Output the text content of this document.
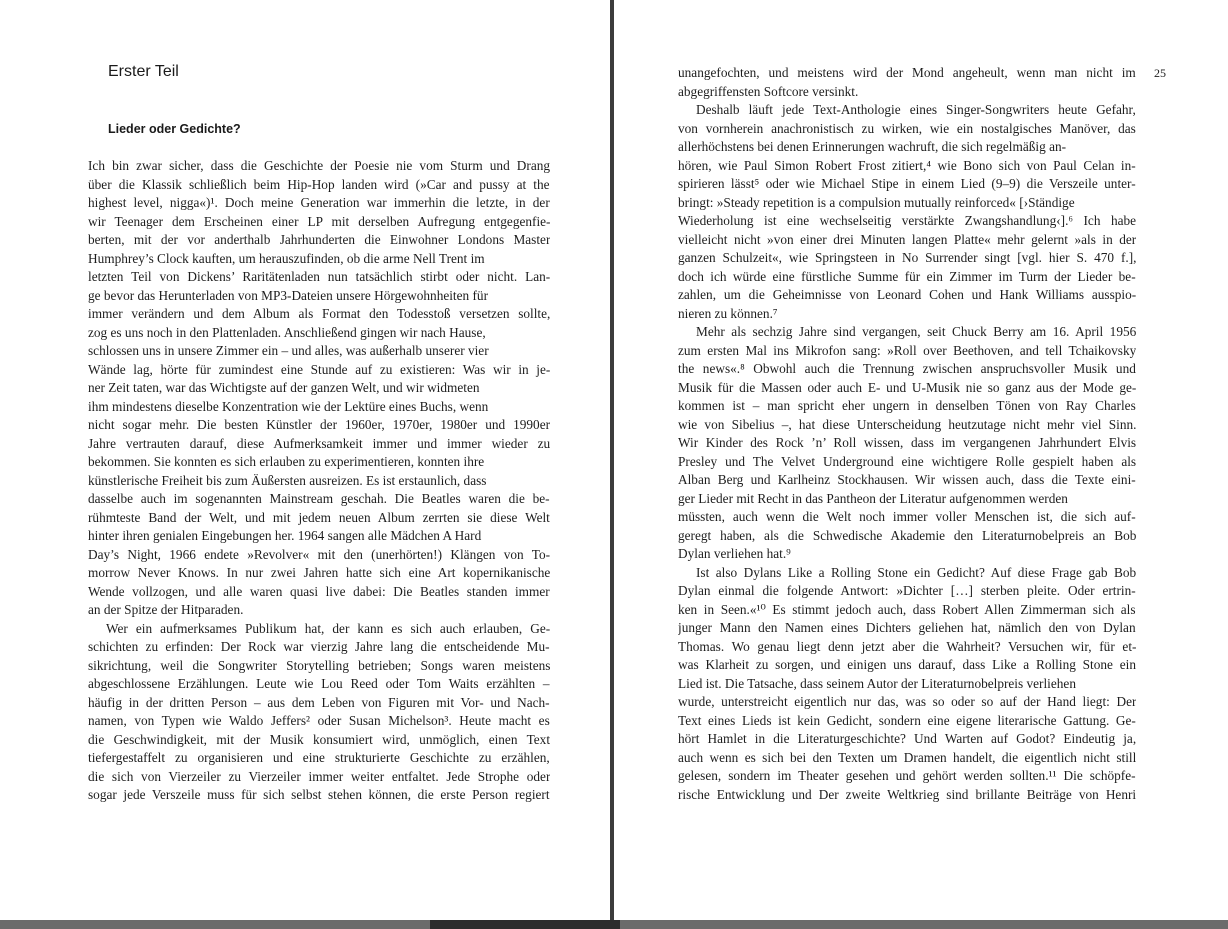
Erster Teil
Lieder oder Gedichte?
Ich bin zwar sicher, dass die Geschichte der Poesie nie vom Sturm und Drang
über die Klassik schließlich beim Hip-Hop landen wird (»Car and pussy at the
highest level, nigga«)¹. Doch meine Generation war immerhin die letzte, in der
wir Teenager dem Erscheinen einer LP mit derselben Aufregung entgegenfie-
berten, mit der vor anderthalb Jahrhunderten die Einwohner Londons Master
Humphrey’s Clock kauften, um herauszufinden, ob die arme Nell Trent im
letzten Teil von Dickens’ Raritätenladen nun tatsächlich stirbt oder nicht. Lan-
ge bevor das Herunterladen von MP3-Dateien unsere Hörgewohnheiten für
immer verändern und dem Album als Format den Todesstoß versetzen sollte,
zog es uns noch in den Plattenladen. Anschließend gingen wir nach Hause,
schlossen uns in unsere Zimmer ein – und alles, was außerhalb unserer vier
Wände lag, hörte für zumindest eine Stunde auf zu existieren: Was wir in je-
ner Zeit taten, war das Wichtigste auf der ganzen Welt, und wir widmeten
ihm mindestens dieselbe Konzentration wie der Lektüre eines Buchs, wenn
nicht sogar mehr. Die besten Künstler der 1960er, 1970er, 1980er und 1990er
Jahre vertrauten darauf, diese Aufmerksamkeit immer und immer wieder zu
bekommen. Sie konnten es sich erlauben zu experimentieren, konnten ihre
künstlerische Freiheit bis zum Äußersten ausreizen. Es ist erstaunlich, dass
dasselbe auch im sogenannten Mainstream geschah. Die Beatles waren die be-
rühmteste Band der Welt, und mit jedem neuen Album zerrten sie diese Welt
hinter ihren genialen Eingebungen her. 1964 sangen alle Mädchen A Hard
Day’s Night, 1966 endete »Revolver« mit den (unerhörten!) Klängen von To-
morrow Never Knows. In nur zwei Jahren hatte sich eine Art kopernikanische
Wende vollzogen, und alle waren quasi live dabei: Die Beatles standen immer
an der Spitze der Hitparaden.
Wer ein aufmerksames Publikum hat, der kann es sich auch erlauben, Ge-
schichten zu erfinden: Der Rock war vierzig Jahre lang die entscheidende Mu-
sikrichtung, weil die Songwriter Storytelling betrieben; Songs waren meistens
abgeschlossene Erzählungen. Leute wie Lou Reed oder Tom Waits erzählten –
häufig in der dritten Person – aus dem Leben von Figuren mit Vor- und Nach-
namen, von Typen wie Waldo Jeffers² oder Susan Michelson³. Heute macht es
die Geschwindigkeit, mit der Musik konsumiert wird, unmöglich, einen Text
tiefergestaffelt zu organisieren und eine strukturierte Geschichte zu erzählen,
die sich von Vierzeiler zu Vierzeiler immer weiter entfaltet. Jede Strophe oder
sogar jede Verszeile muss für sich selbst stehen können, die erste Person regiert
unangefochten, und meistens wird der Mond angeheult, wenn man nicht im
abgegriffensten Softcore versinkt.
Deshalb läuft jede Text-Anthologie eines Singer-Songwriters heute Gefahr,
von vornherein anachronistisch zu wirken, wie ein nostalgisches Manöver, das
allerhöchstens bei denen Erinnerungen wachruft, die sich regelmäßig an-
hören, wie Paul Simon Robert Frost zitiert,⁴ wie Bono sich von Paul Celan in-
spirieren lässt⁵ oder wie Michael Stipe in einem Lied (9–9) die Verszeile unter-
bringt: »Steady repetition is a compulsion mutually reinforced« [›Ständige
Wiederholung ist eine wechselseitig verstärkte Zwangshandlung‹].⁶ Ich habe
vielleicht nicht »von einer drei Minuten langen Platte« mehr gelernt »als in der
ganzen Schulzeit«, wie Springsteen in No Surrender singt [vgl. hier S. 470 f.],
doch ich würde eine fürstliche Summe für ein Zimmer im Turm der Lieder be-
zahlen, um die Geheimnisse von Leonard Cohen und Hank Williams ausspio-
nieren zu können.⁷
Mehr als sechzig Jahre sind vergangen, seit Chuck Berry am 16. April 1956
zum ersten Mal ins Mikrofon sang: »Roll over Beethoven, and tell Tchaikovsky
the news«.⁸ Obwohl auch die Trennung zwischen anspruchsvoller Musik und
Musik für die Massen oder auch E- und U-Musik nie so ganz aus der Mode ge-
kommen ist – man spricht eher ungern in denselben Tönen von Ray Charles
wie von Sibelius –, hat diese Unterscheidung heutzutage nicht mehr viel Sinn.
Wir Kinder des Rock ’n’ Roll wissen, dass im vergangenen Jahrhundert Elvis
Presley und The Velvet Underground eine wichtigere Rolle gespielt haben als
Alban Berg und Karlheinz Stockhausen. Wir wissen auch, dass die Texte eini-
ger Lieder mit Recht in das Pantheon der Literatur aufgenommen werden
müssten, auch wenn die Welt noch immer voller Menschen ist, die sich auf-
geregt haben, als die Schwedische Akademie den Literaturnobelpreis an Bob
Dylan verliehen hat.⁹
Ist also Dylans Like a Rolling Stone ein Gedicht? Auf diese Frage gab Bob
Dylan einmal die folgende Antwort: »Dichter […] sterben pleite. Oder ertrin-
ken in Seen.«¹⁰ Es stimmt jedoch auch, dass Robert Allen Zimmerman sich als
junger Mann den Namen eines Dichters geliehen hat, nämlich den von Dylan
Thomas. Wo genau liegt denn jetzt aber die Wahrheit? Versuchen wir, für et-
was Klarheit zu sorgen, und einigen uns darauf, dass Like a Rolling Stone ein
Lied ist. Die Tatsache, dass seinem Autor der Literaturnobelpreis verliehen
wurde, unterstreicht eigentlich nur das, was so oder so auf der Hand liegt: Der
Text eines Lieds ist kein Gedicht, sondern eine eigene literarische Gattung. Ge-
hört Hamlet in die Literaturgeschichte? Und Warten auf Godot? Eindeutig ja,
auch wenn es sich bei den Texten um Dramen handelt, die eigentlich nicht still
gelesen, sondern im Theater gesehen und gehört werden sollten.¹¹ Die schöpfe-
rische Entwicklung und Der zweite Weltkrieg sind brillante Beiträge von Henri
25
